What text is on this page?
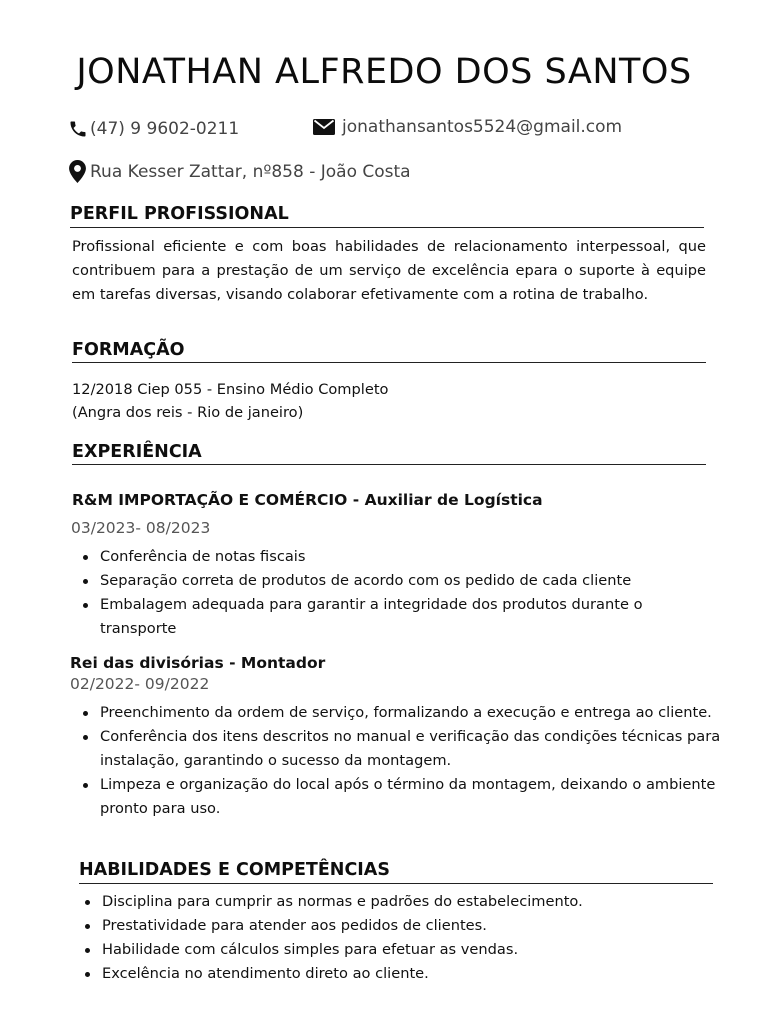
JONATHAN ALFREDO DOS SANTOS
(47) 9 9602-0211	jonathansantos5524@gmail.com
Rua Kesser Zattar, nº858 - João Costa
PERFIL PROFISSIONAL
Profissional eficiente e com boas habilidades de relacionamento interpessoal, que contribuem para a prestação de um serviço de excelência epara o suporte à equipe em tarefas diversas, visando colaborar efetivamente com a rotina de trabalho.
FORMAÇÃO
12/2018 Ciep 055 - Ensino Médio Completo
(Angra dos reis - Rio de janeiro)
EXPERIÊNCIA
R&M IMPORTAÇÃO E COMÉRCIO - Auxiliar de Logística
03/2023- 08/2023
Conferência de notas fiscais
Separação correta de produtos de acordo com os pedido de cada cliente
Embalagem adequada para garantir a integridade dos produtos durante o transporte
Rei das divisórias - Montador
02/2022- 09/2022
Preenchimento da ordem de serviço, formalizando a execução e entrega ao cliente.
Conferência dos itens descritos no manual e verificação das condições técnicas para instalação, garantindo o sucesso da montagem.
Limpeza e organização do local após o término da montagem, deixando o ambiente pronto para uso.
HABILIDADES E COMPETÊNCIAS
Disciplina para cumprir as normas e padrões do estabelecimento.
Prestatividade para atender aos pedidos de clientes.
Habilidade com cálculos simples para efetuar as vendas.
Excelência no atendimento direto ao cliente.
